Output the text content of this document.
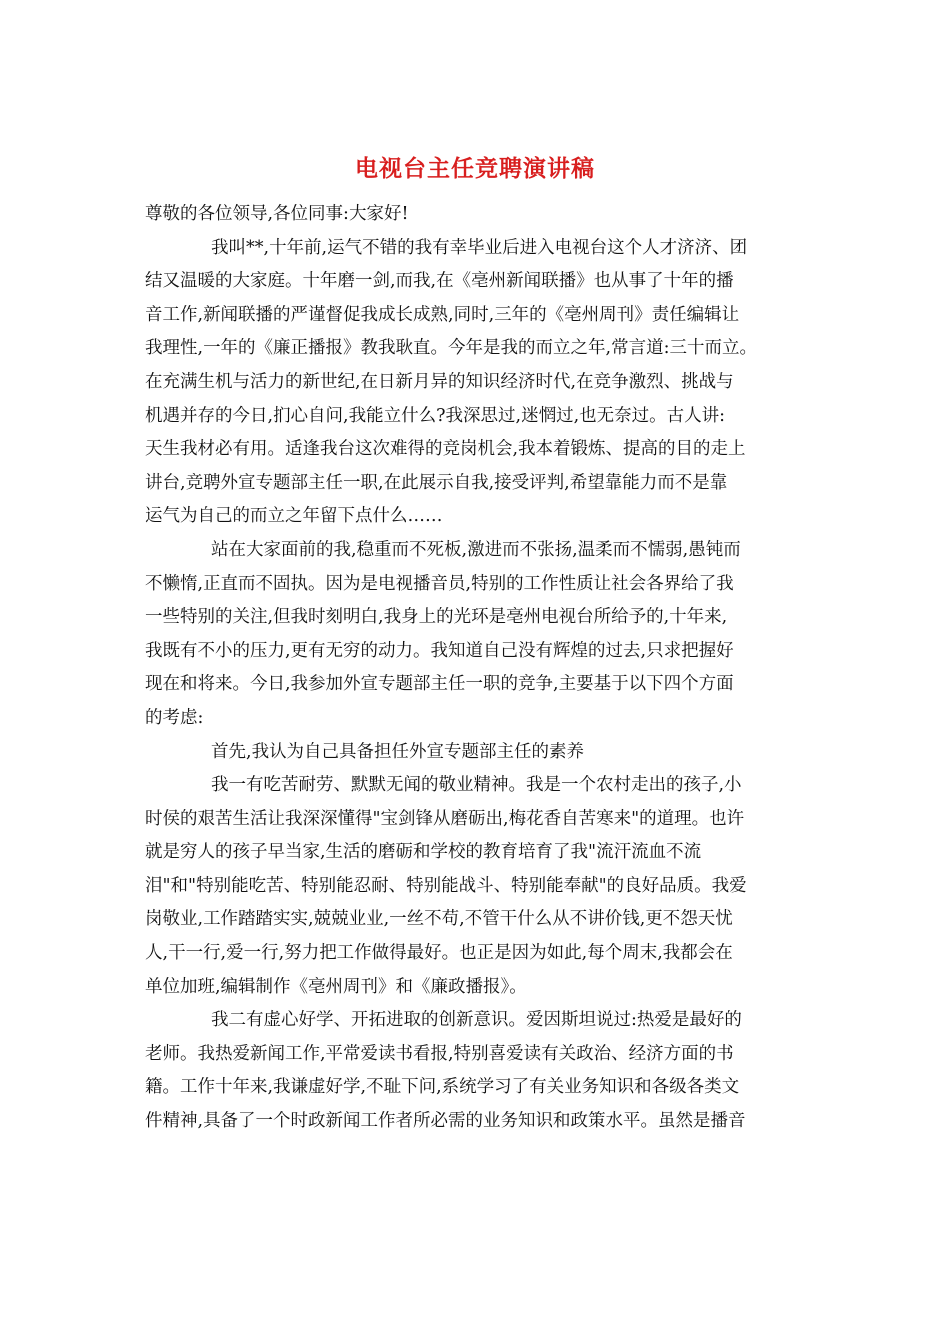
电视台主任竞聘演讲稿
尊敬的各位领导,各位同事:大家好!
我叫**,十年前,运气不错的我有幸毕业后进入电视台这个人才济济、团
结又温暖的大家庭。十年磨一剑,而我,在《亳州新闻联播》也从事了十年的播
音工作,新闻联播的严谨督促我成长成熟,同时,三年的《亳州周刊》责任编辑让
我理性,一年的《廉正播报》教我耿直。今年是我的而立之年,常言道:三十而立。
在充满生机与活力的新世纪,在日新月异的知识经济时代,在竞争激烈、挑战与
机遇并存的今日,扪心自问,我能立什么?我深思过,迷惘过,也无奈过。古人讲:
天生我材必有用。适逢我台这次难得的竞岗机会,我本着锻炼、提高的目的走上
讲台,竞聘外宣专题部主任一职,在此展示自我,接受评判,希望靠能力而不是靠
运气为自己的而立之年留下点什么……
站在大家面前的我,稳重而不死板,激进而不张扬,温柔而不懦弱,愚钝而
不懒惰,正直而不固执。因为是电视播音员,特别的工作性质让社会各界给了我
一些特别的关注,但我时刻明白,我身上的光环是亳州电视台所给予的,十年来,
我既有不小的压力,更有无穷的动力。我知道自己没有辉煌的过去,只求把握好
现在和将来。今日,我参加外宣专题部主任一职的竞争,主要基于以下四个方面
的考虑:
首先,我认为自己具备担任外宣专题部主任的素养
我一有吃苦耐劳、默默无闻的敬业精神。我是一个农村走出的孩子,小
时侯的艰苦生活让我深深懂得"宝剑锋从磨砺出,梅花香自苦寒来"的道理。也许
就是穷人的孩子早当家,生活的磨砺和学校的教育培育了我"流汗流血不流
泪"和"特别能吃苦、特别能忍耐、特别能战斗、特别能奉献"的良好品质。我爱
岗敬业,工作踏踏实实,兢兢业业,一丝不苟,不管干什么从不讲价钱,更不怨天忧
人,干一行,爱一行,努力把工作做得最好。也正是因为如此,每个周末,我都会在
单位加班,编辑制作《亳州周刊》和《廉政播报》。
我二有虚心好学、开拓进取的创新意识。爱因斯坦说过:热爱是最好的
老师。我热爱新闻工作,平常爱读书看报,特别喜爱读有关政治、经济方面的书
籍。工作十年来,我谦虚好学,不耻下问,系统学习了有关业务知识和各级各类文
件精神,具备了一个时政新闻工作者所必需的业务知识和政策水平。虽然是播音
